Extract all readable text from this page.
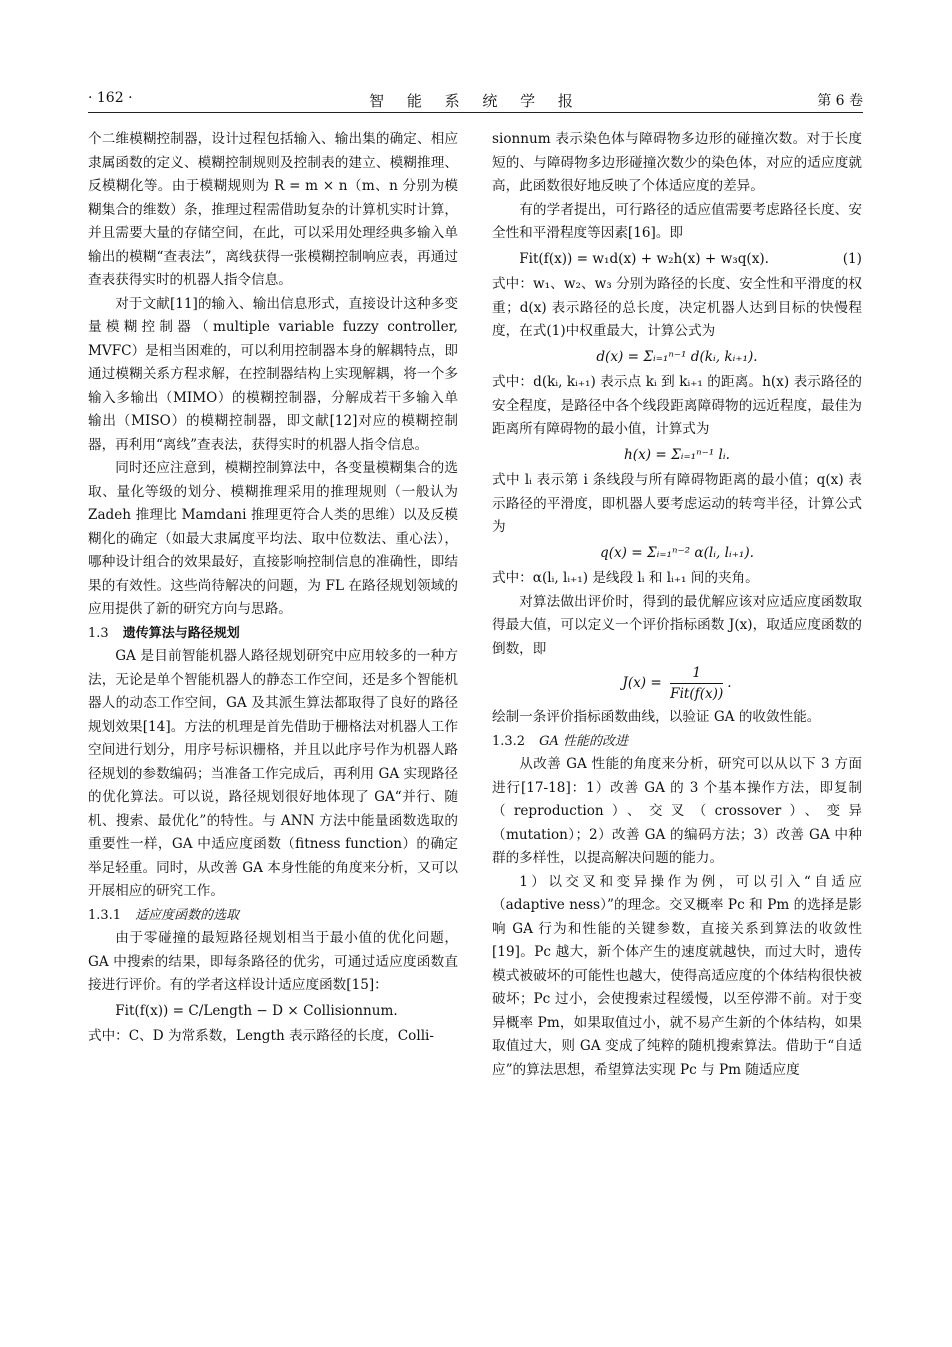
· 162 ·	智 能 系 统 学 报	第 6 卷

个二维模糊控制器，设计过程包括输入、输出集的确定、相应隶属函数的定义、模糊控制规则及控制表的建立、模糊推理、反模糊化等。由于模糊规则为 R = m × n（m、n 分别为模糊集合的维数）条，推理过程需借助复杂的计算机实时计算，并且需要大量的存储空间，在此，可以采用处理经典多输入单输出的模糊“查表法”，离线获得一张模糊控制响应表，再通过查表获得实时的机器人指令信息。

对于文献[11]的输入、输出信息形式，直接设计这种多变量模糊控制器（multiple variable fuzzy controller, MVFC）是相当困难的，可以利用控制器本身的解耦特点，即通过模糊关系方程求解，在控制器结构上实现解耦，将一个多输入多输出（MIMO）的模糊控制器，分解成若干多输入单输出（MISO）的模糊控制器，即文献[12]对应的模糊控制器，再利用“离线”查表法，获得实时的机器人指令信息。

同时还应注意到，模糊控制算法中，各变量模糊集合的选取、量化等级的划分、模糊推理采用的推理规则（一般认为 Zadeh 推理比 Mamdani 推理更符合人类的思维）以及反模糊化的确定（如最大隶属度平均法、取中位数法、重心法），哪种设计组合的效果最好，直接影响控制信息的准确性，即结果的有效性。这些尚待解决的问题，为 FL 在路径规划领域的应用提供了新的研究方向与思路。

1.3 遗传算法与路径规划

GA 是目前智能机器人路径规划研究中应用较多的一种方法，无论是单个智能机器人的静态工作空间，还是多个智能机器人的动态工作空间，GA 及其派生算法都取得了良好的路径规划效果[14]。方法的机理是首先借助于栅格法对机器人工作空间进行划分，用序号标识栅格，并且以此序号作为机器人路径规划的参数编码；当准备工作完成后，再利用 GA 实现路径的优化算法。可以说，路径规划很好地体现了 GA“并行、随机、搜索、最优化”的特性。与 ANN 方法中能量函数选取的重要性一样，GA 中适应度函数（fitness function）的确定举足轻重。同时，从改善 GA 本身性能的角度来分析，又可以开展相应的研究工作。

1.3.1 适应度函数的选取

由于零碰撞的最短路径规划相当于最小值的优化问题，GA 中搜索的结果，即每条路径的优劣，可通过适应度函数直接进行评价。有的学者这样设计适应度函数[15]：

Fit(f(x)) = C/Length − D × Collisionnum.

式中：C、D 为常系数，Length 表示路径的长度，Colli-

sionnum 表示染色体与障碍物多边形的碰撞次数。对于长度短的、与障碍物多边形碰撞次数少的染色体，对应的适应度就高，此函数很好地反映了个体适应度的差异。

有的学者提出，可行路径的适应值需要考虑路径长度、安全性和平滑程度等因素[16]。即

Fit(f(x)) = w₁d(x) + w₂h(x) + w₃q(x).	(1)

式中：w₁、w₂、w₃ 分别为路径的长度、安全性和平滑度的权重；d(x) 表示路径的总长度，决定机器人达到目标的快慢程度，在式(1)中权重最大，计算公式为

d(x) = Σᵢ₌₁ⁿ⁻¹ d(kᵢ, kᵢ₊₁).

式中：d(kᵢ, kᵢ₊₁) 表示点 kᵢ 到 kᵢ₊₁ 的距离。h(x) 表示路径的安全程度，是路径中各个线段距离障碍物的远近程度，最佳为距离所有障碍物的最小值，计算式为

h(x) = Σᵢ₌₁ⁿ⁻¹ lᵢ.

式中 lᵢ 表示第 i 条线段与所有障碍物距离的最小值；q(x) 表示路径的平滑度，即机器人要考虑运动的转弯半径，计算公式为

q(x) = Σᵢ₌₁ⁿ⁻² α(lᵢ, lᵢ₊₁).

式中：α(lᵢ, lᵢ₊₁) 是线段 lᵢ 和 lᵢ₊₁ 间的夹角。

对算法做出评价时，得到的最优解应该对应适应度函数取得最大值，可以定义一个评价指标函数 J(x)，取适应度函数的倒数，即

$J(x) = \frac{1}{\text{Fit(f(x))}}$ .

绘制一条评价指标函数曲线，以验证 GA 的收敛性能。

1.3.2 GA 性能的改进

从改善 GA 性能的角度来分析，研究可以从以下 3 方面进行[17-18]：1）改善 GA 的 3 个基本操作方法，即复制（reproduction）、交叉（crossover）、变异（mutation）；2）改善 GA 的编码方法；3）改善 GA 中种群的多样性，以提高解决问题的能力。

1）以交叉和变异操作为例，可以引入“自适应（adaptive ness）”的理念。交叉概率 Pc 和 Pm 的选择是影响 GA 行为和性能的关键参数，直接关系到算法的收敛性[19]。Pc 越大，新个体产生的速度就越快，而过大时，遗传模式被破坏的可能性也越大，使得高适应度的个体结构很快被破坏；Pc 过小，会使搜索过程缓慢，以至停滞不前。对于变异概率 Pm，如果取值过小，就不易产生新的个体结构，如果取值过大，则 GA 变成了纯粹的随机搜索算法。借助于“自适应”的算法思想，希望算法实现 Pc 与 Pm 随适应度
